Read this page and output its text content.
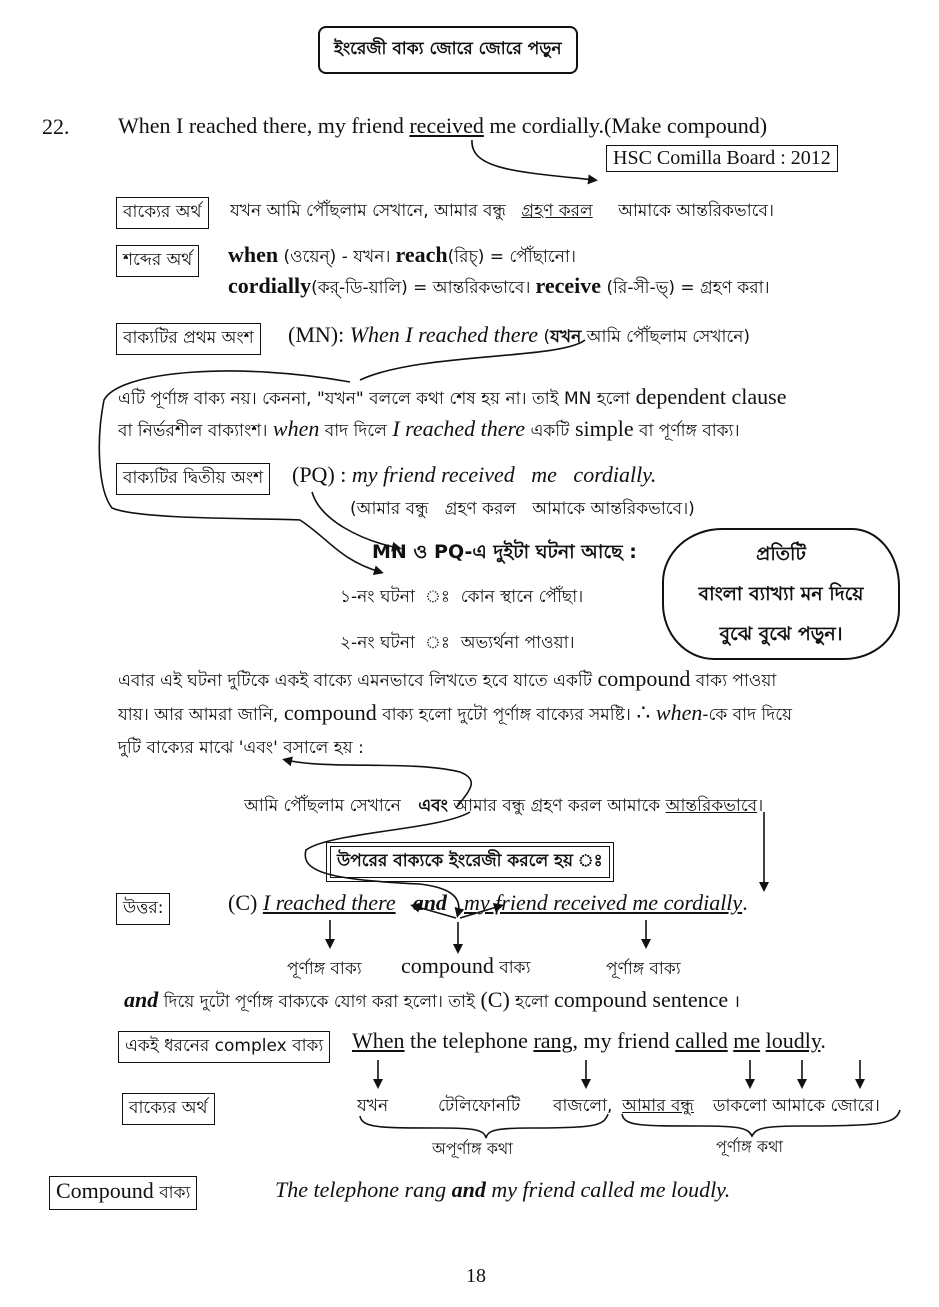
ইংরেজী বাক্য জোরে জোরে পড়ুন
22. When I reached there, my friend received me cordially.(Make compound)
HSC Comilla Board : 2012
বাক্যের অর্থ	যখন আমি পৌঁছলাম সেখানে, আমার বন্ধু গ্রহণ করল আমাকে আন্তরিকভাবে।
শব্দের অর্থ	when (ওয়েন্) - যখন। reach(রিচ্) = পৌঁছানো।
cordially(কর্-ডি-য়ালি) = আন্তরিকভাবে। receive (রি-সী-ভ্) = গ্রহণ করা।
বাক্যটির প্রথম অংশ	(MN): When I reached there (যখন আমি পৌঁছলাম সেখানে)
এটি পূর্ণাঙ্গ বাক্য নয়। কেননা, "যখন" বললে কথা শেষ হয় না। তাই MN হলো dependent clause
বা নির্ভরশীল বাক্যাংশ। when বাদ দিলে I reached there একটি simple বা পূর্ণাঙ্গ বাক্য।
বাক্যটির দ্বিতীয় অংশ	(PQ) : my friend received   me   cordially.
(আমার বন্ধু   গ্রহণ করল   আমাকে আন্তরিকভাবে।)
MN ও PQ-এ দুইটা ঘটনা আছে :
১-নং ঘটনা  ঃ  কোন স্থানে পৌঁছা।
২-নং ঘটনা  ঃ  অভ্যর্থনা পাওয়া।
প্রতিটি
বাংলা ব্যাখ্যা মন দিয়ে
বুঝে বুঝে পড়ুন।
এবার এই ঘটনা দুটিকে একই বাক্যে এমনভাবে লিখতে হবে যাতে একটি compound বাক্য পাওয়া
যায়। আর আমরা জানি, compound বাক্য হলো দুটো পূর্ণাঙ্গ বাক্যের সমষ্টি। ∴ when-কে বাদ দিয়ে
দুটি বাক্যের মাঝে 'এবং' বসালে হয় :
আমি পৌঁছলাম সেখানে এবং আমার বন্ধু গ্রহণ করল আমাকে আন্তরিকভাবে।
উপরের বাক্যকে ইংরেজী করলে হয় ঃ
উত্তর:	(C) I reached there and my friend received me cordially.
পূর্ণাঙ্গ বাক্য compound বাক্য	পূর্ণাঙ্গ বাক্য
and দিয়ে দুটো পূর্ণাঙ্গ বাক্যকে যোগ করা হলো। তাই (C) হলো compound sentence ।
একই ধরনের complex বাক্য	When the telephone rang, my friend called me loudly.
বাক্যের অর্থ	যখন	টেলিফোনটি বাজলো, আমার বন্ধু ডাকলো আমাকে জোরে।
অপূর্ণাঙ্গ কথা	পূর্ণাঙ্গ কথা
Compound বাক্য	The telephone rang and my friend called me loudly.
18
